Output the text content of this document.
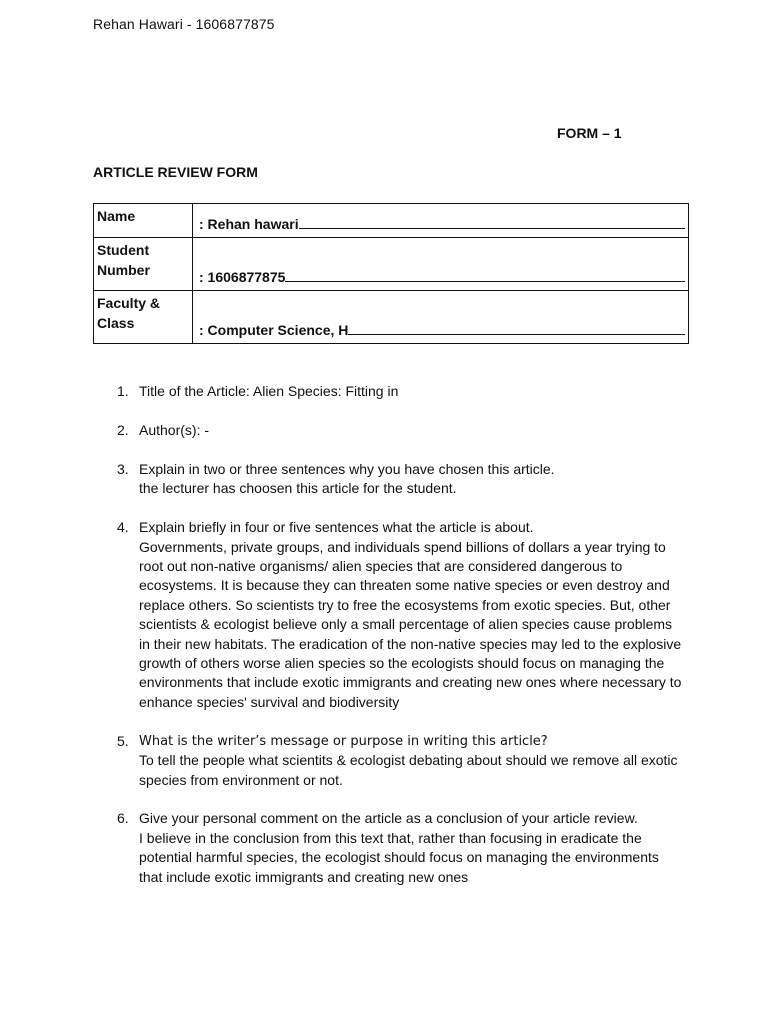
Rehan Hawari - 1606877875
FORM – 1
ARTICLE REVIEW FORM
Name	: Rehan hawari

Student
Number	: 1606877875

Faculty &
Class	: Computer Science, H
1. Title of the Article: Alien Species: Fitting in
2. Author(s): -
3. Explain in two or three sentences why you have chosen this article.
the lecturer has choosen this article for the student.
4. Explain briefly in four or five sentences what the article is about.
Governments, private groups, and individuals spend billions of dollars a year trying to root out non-native organisms/ alien species that are considered dangerous to ecosystems. It is because they can threaten some native species or even destroy and replace others. So scientists try to free the ecosystems from exotic species. But, other scientists & ecologist believe only a small percentage of alien species cause problems in their new habitats. The eradication of the non-native species may led to the explosive growth of others worse alien species so the ecologists should focus on managing the environments that include exotic immigrants and creating new ones where necessary to enhance species' survival and biodiversity
5. What is the writer’s message or purpose in writing this article?
To tell the people what scientits & ecologist debating about should we remove all exotic species from environment or not.
6. Give your personal comment on the article as a conclusion of your article review.
I believe in the conclusion from this text that, rather than focusing in eradicate the potential harmful species, the ecologist should focus on managing the environments that include exotic immigrants and creating new ones
